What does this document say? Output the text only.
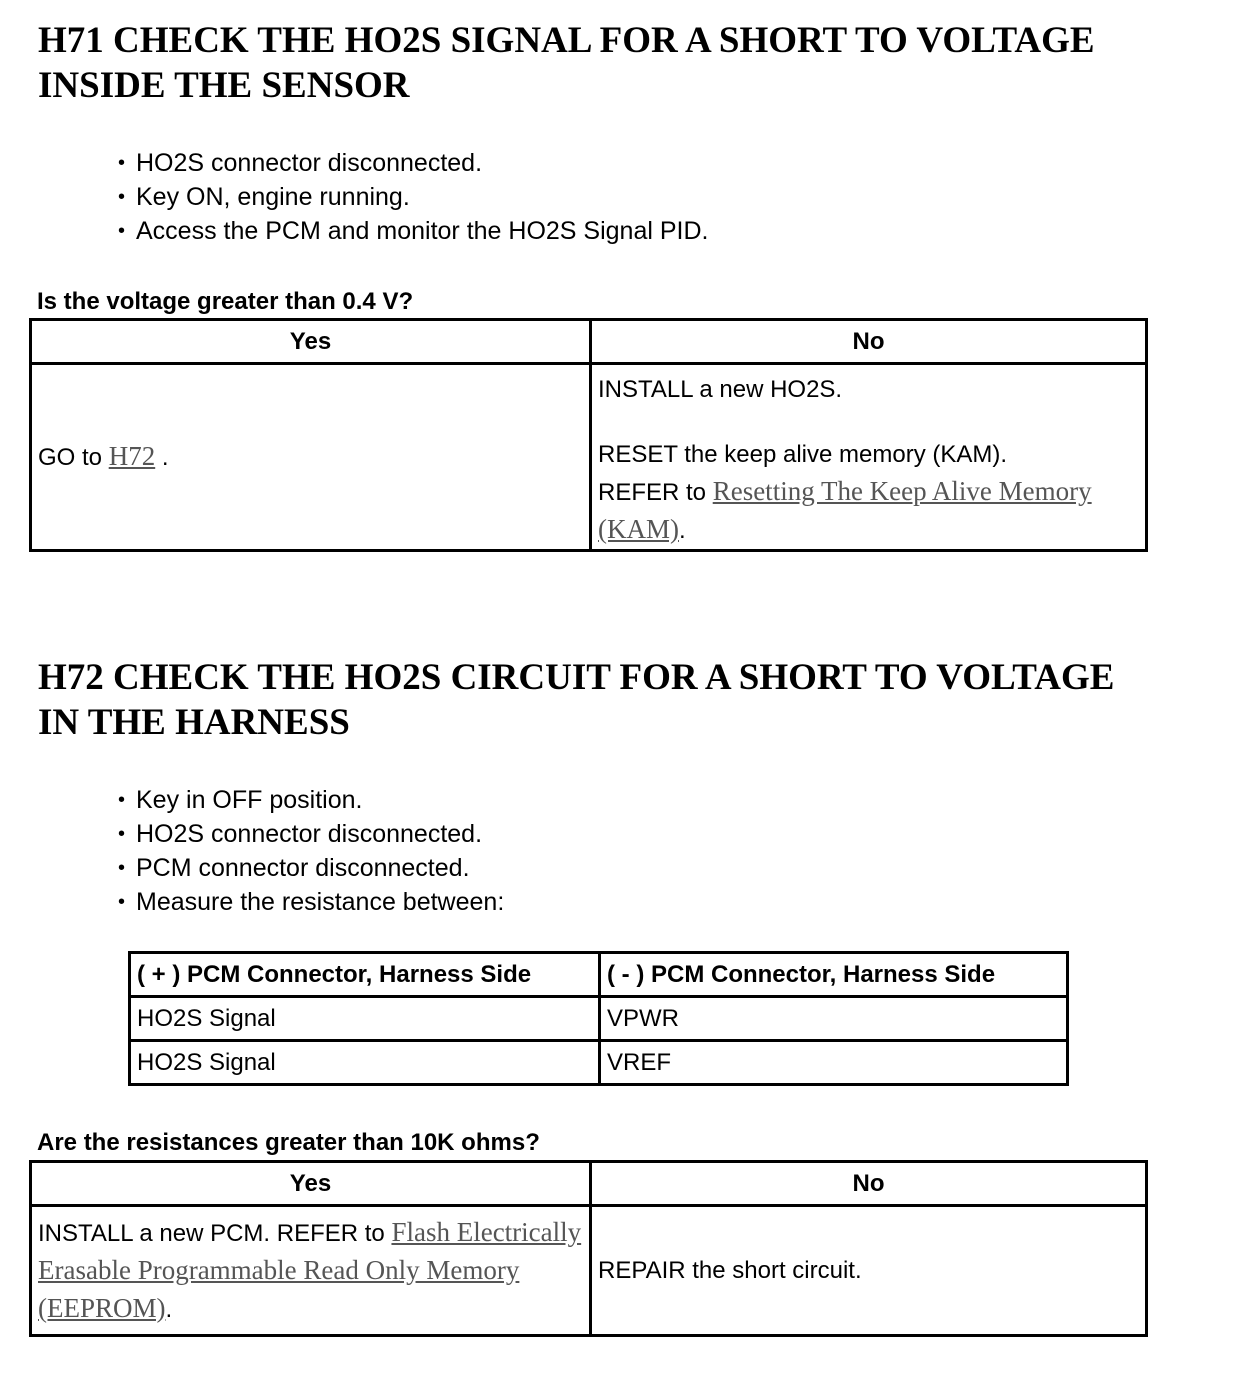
H71 CHECK THE HO2S SIGNAL FOR A SHORT TO VOLTAGE
INSIDE THE SENSOR
• HO2S connector disconnected.
• Key ON, engine running.
• Access the PCM and monitor the HO2S Signal PID.

Is the voltage greater than 0.4 V?

Yes	No
GO to H72 .	INSTALL a new HO2S.
RESET the keep alive memory (KAM).
REFER to Resetting The Keep Alive Memory (KAM).
H72 CHECK THE HO2S CIRCUIT FOR A SHORT TO VOLTAGE
IN THE HARNESS
• Key in OFF position.
• HO2S connector disconnected.
• PCM connector disconnected.
• Measure the resistance between:
( + ) PCM Connector, Harness Side	( - ) PCM Connector, Harness Side
HO2S Signal	VPWR
HO2S Signal	VREF

Are the resistances greater than 10K ohms?

Yes	No
INSTALL a new PCM. REFER to Flash Electrically Erasable Programmable Read Only Memory (EEPROM).	REPAIR the short circuit.
